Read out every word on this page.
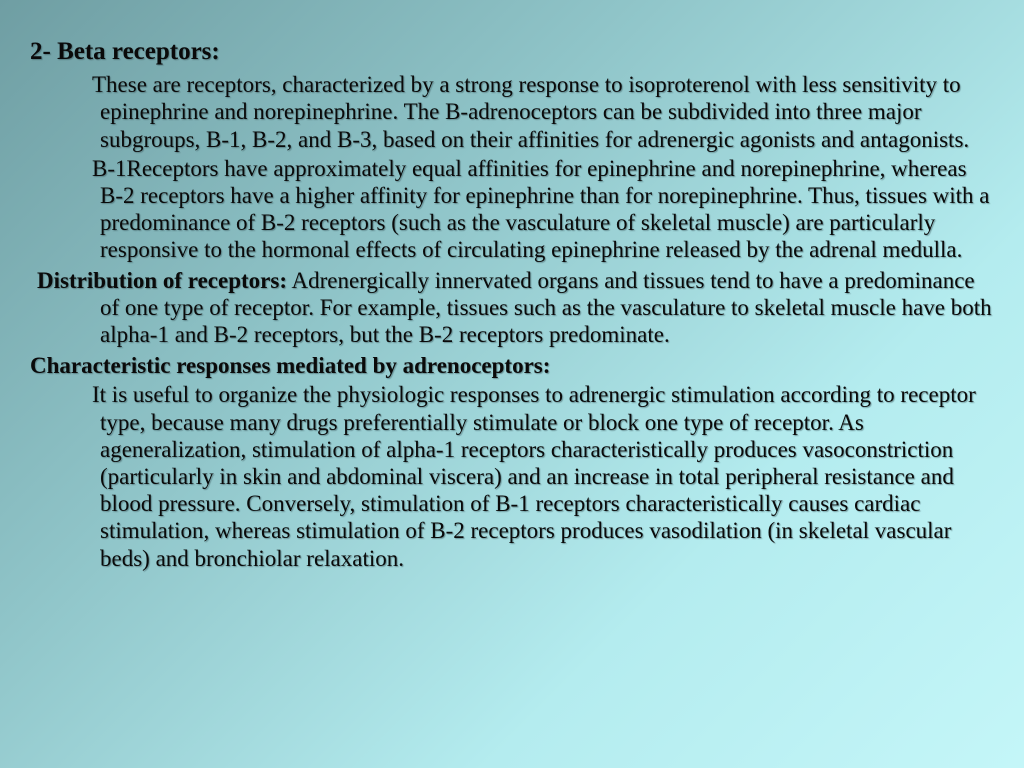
2- Beta receptors:

These are receptors, characterized by a strong response to isoproterenol with less sensitivity to epinephrine and norepinephrine. The B-adrenoceptors can be subdivided into three major subgroups, B-1, B-2, and B-3, based on their affinities for adrenergic agonists and antagonists.

B-1Receptors have approximately equal affinities for epinephrine and norepinephrine, whereas B-2 receptors have a higher affinity for epinephrine than for norepinephrine. Thus, tissues with a predominance of B-2 receptors (such as the vasculature of skeletal muscle) are particularly responsive to the hormonal effects of circulating epinephrine released by the adrenal medulla.

Distribution of receptors: Adrenergically innervated organs and tissues tend to have a predominance of one type of receptor. For example, tissues such as the vasculature to skeletal muscle have both alpha-1 and B-2 receptors, but the B-2 receptors predominate.

Characteristic responses mediated by adrenoceptors:

It is useful to organize the physiologic responses to adrenergic stimulation according to receptor type, because many drugs preferentially stimulate or block one type of receptor. As ageneralization, stimulation of alpha-1 receptors characteristically produces vasoconstriction (particularly in skin and abdominal viscera) and an increase in total peripheral resistance and blood pressure. Conversely, stimulation of B-1 receptors characteristically causes cardiac stimulation, whereas stimulation of B-2 receptors produces vasodilation (in skeletal vascular beds) and bronchiolar relaxation.
